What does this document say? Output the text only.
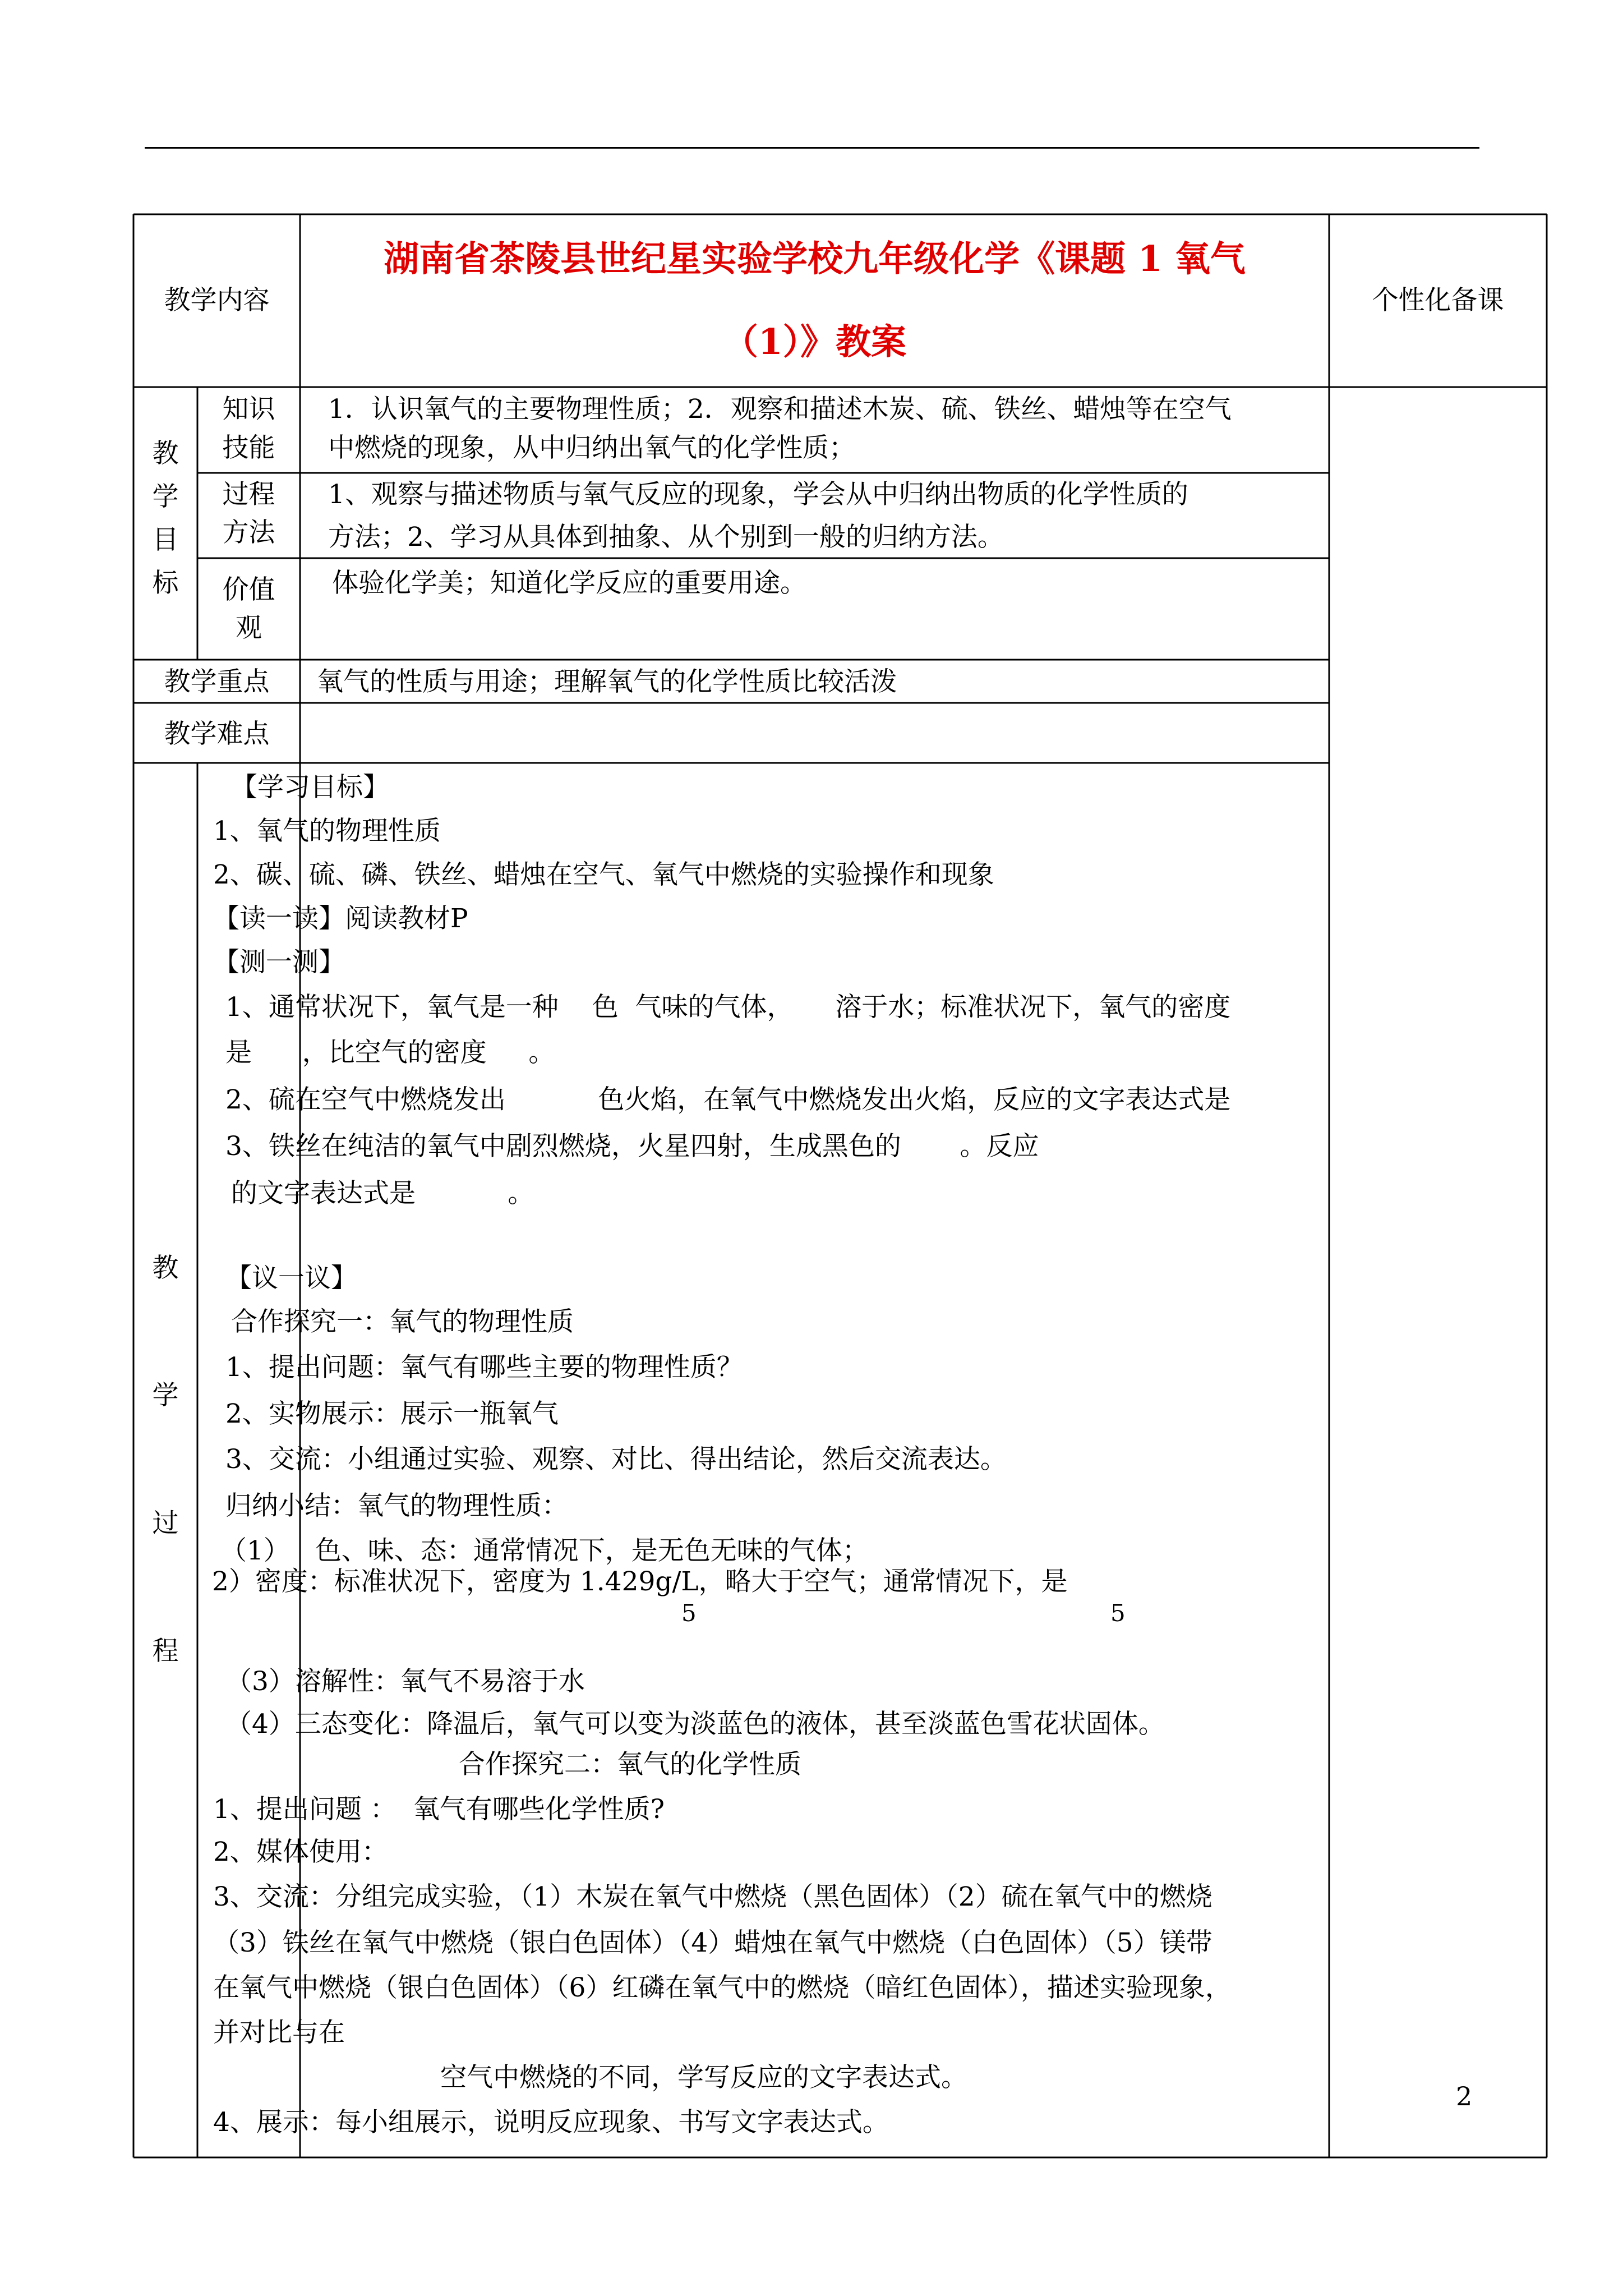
教学内容
湖南省茶陵县世纪星实验学校九年级化学《课题 1 氧气
（1）》教案
个性化备课
教
学
目
标
知识
技能
1．认识氧气的主要物理性质；2．观察和描述木炭、硫、铁丝、蜡烛等在空气
中燃烧的现象，从中归纳出氧气的化学性质；
过程
方法
1、观察与描述物质与氧气反应的现象，学会从中归纳出物质的化学性质的
方法；2、学习从具体到抽象、从个别到一般的归纳方法。
价值
观
体验化学美；知道化学反应的重要用途。
教学重点	氧气的性质与用途；理解氧气的化学性质比较活泼
教学难点
教
学
过
程
【学习目标】
1、氧气的物理性质
2、碳、硫、磷、铁丝、蜡烛在空气、氧气中燃烧的实验操作和现象
【读一读】阅读教材P
【测一测】
1、通常状况下，氧气是一种    色  气味的气体，     溶于水；标准状况下，氧气的密度
是      ，比空气的密度     。
2、硫在空气中燃烧发出           色火焰，在氧气中燃烧发出火焰，反应的文字表达式是
3、铁丝在纯洁的氧气中剧烈燃烧，火星四射，生成黑色的       。反应
的文字表达式是           。
【议一议】
合作探究一：氧气的物理性质
1、提出问题：氧气有哪些主要的物理性质？
2、实物展示：展示一瓶氧气
3、交流：小组通过实验、观察、对比、得出结论，然后交流表达。
归纳小结：氧气的物理性质：
（1）   色、味、态：通常情况下，是无色无味的气体；
2）密度：标准状况下，密度为 1.429g/L，略大于空气；通常情况下，是
5	5
（3）溶解性：氧气不易溶于水
（4）三态变化：降温后，氧气可以变为淡蓝色的液体，甚至淡蓝色雪花状固体。
合作探究二：氧气的化学性质
1、提出问题 ：  氧气有哪些化学性质?
2、媒体使用：
3、交流：分组完成实验，（1）木炭在氧气中燃烧（黑色固体）（2）硫在氧气中的燃烧
（3）铁丝在氧气中燃烧（银白色固体）（4）蜡烛在氧气中燃烧（白色固体）（5）镁带
在氧气中燃烧（银白色固体）（6）红磷在氧气中的燃烧（暗红色固体），描述实验现象，
并对比与在
空气中燃烧的不同，学写反应的文字表达式。
4、展示：每小组展示，说明反应现象、书写文字表达式。
2
